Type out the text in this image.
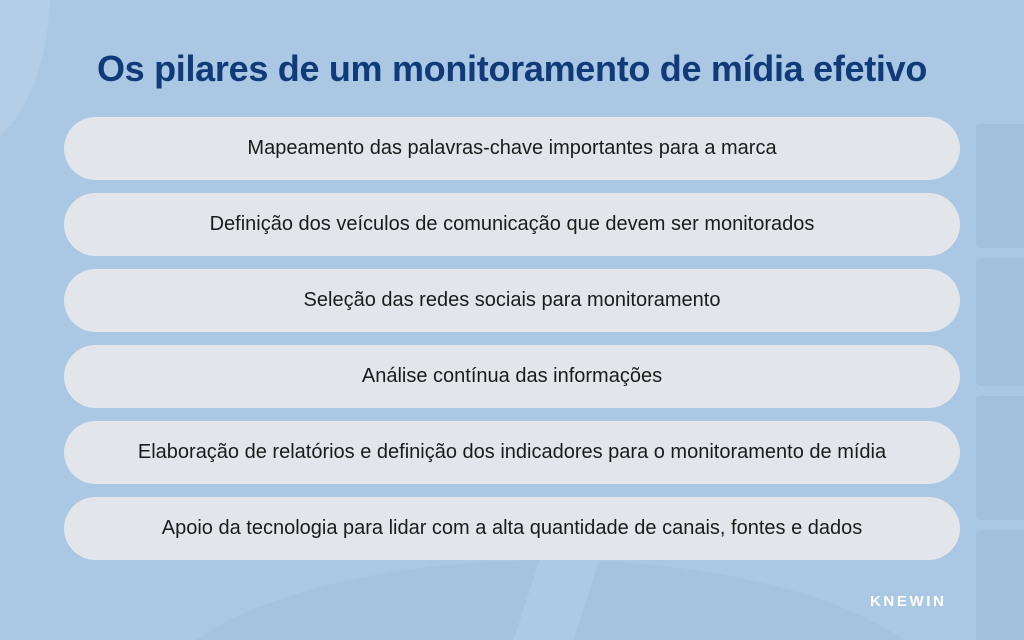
Os pilares de um monitoramento de mídia efetivo
Mapeamento das palavras-chave importantes para a marca
Definição dos veículos de comunicação que devem ser monitorados
Seleção das redes sociais para monitoramento
Análise contínua das informações
Elaboração de relatórios e definição dos indicadores para o monitoramento de mídia
Apoio da tecnologia para lidar com a alta quantidade de canais, fontes e dados
KNEWIN
